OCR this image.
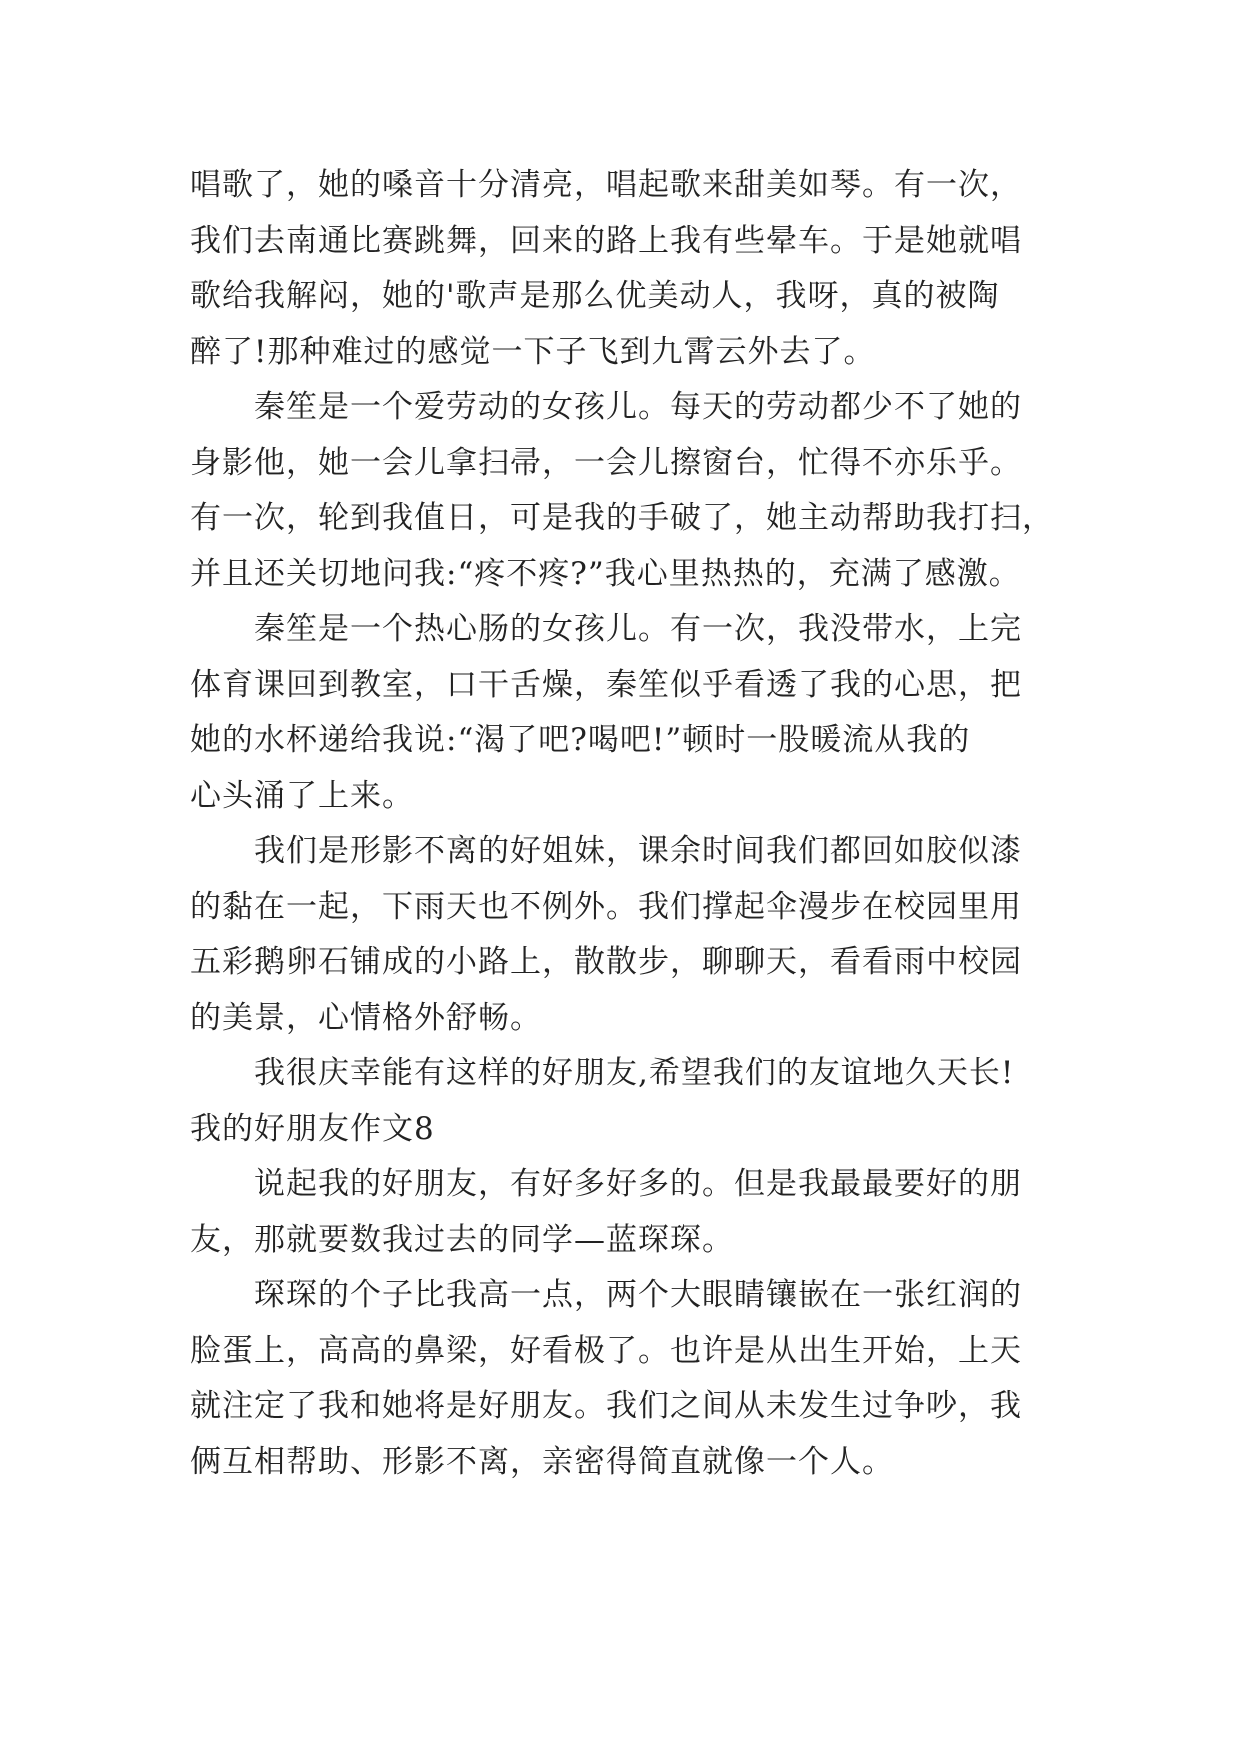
唱歌了，她的嗓音十分清亮，唱起歌来甜美如琴。有一次，
我们去南通比赛跳舞，回来的路上我有些晕车。于是她就唱
歌给我解闷，她的'歌声是那么优美动人，我呀，真的被陶
醉了!那种难过的感觉一下子飞到九霄云外去了。
秦笙是一个爱劳动的女孩儿。每天的劳动都少不了她的
身影他，她一会儿拿扫帚，一会儿擦窗台，忙得不亦乐乎。
有一次，轮到我值日，可是我的手破了，她主动帮助我打扫，
并且还关切地问我:“疼不疼?”我心里热热的，充满了感激。
秦笙是一个热心肠的女孩儿。有一次，我没带水，上完
体育课回到教室，口干舌燥，秦笙似乎看透了我的心思，把
她的水杯递给我说:“渴了吧?喝吧!”顿时一股暖流从我的
心头涌了上来。
我们是形影不离的好姐妹，课余时间我们都回如胶似漆
的黏在一起，下雨天也不例外。我们撑起伞漫步在校园里用
五彩鹅卵石铺成的小路上，散散步，聊聊天，看看雨中校园
的美景，心情格外舒畅。
我很庆幸能有这样的好朋友,希望我们的友谊地久天长!
我的好朋友作文8
说起我的好朋友，有好多好多的。但是我最最要好的朋
友，那就要数我过去的同学—蓝琛琛。
琛琛的个子比我高一点，两个大眼睛镶嵌在一张红润的
脸蛋上，高高的鼻梁，好看极了。也许是从出生开始，上天
就注定了我和她将是好朋友。我们之间从未发生过争吵，我
俩互相帮助、形影不离，亲密得简直就像一个人。
